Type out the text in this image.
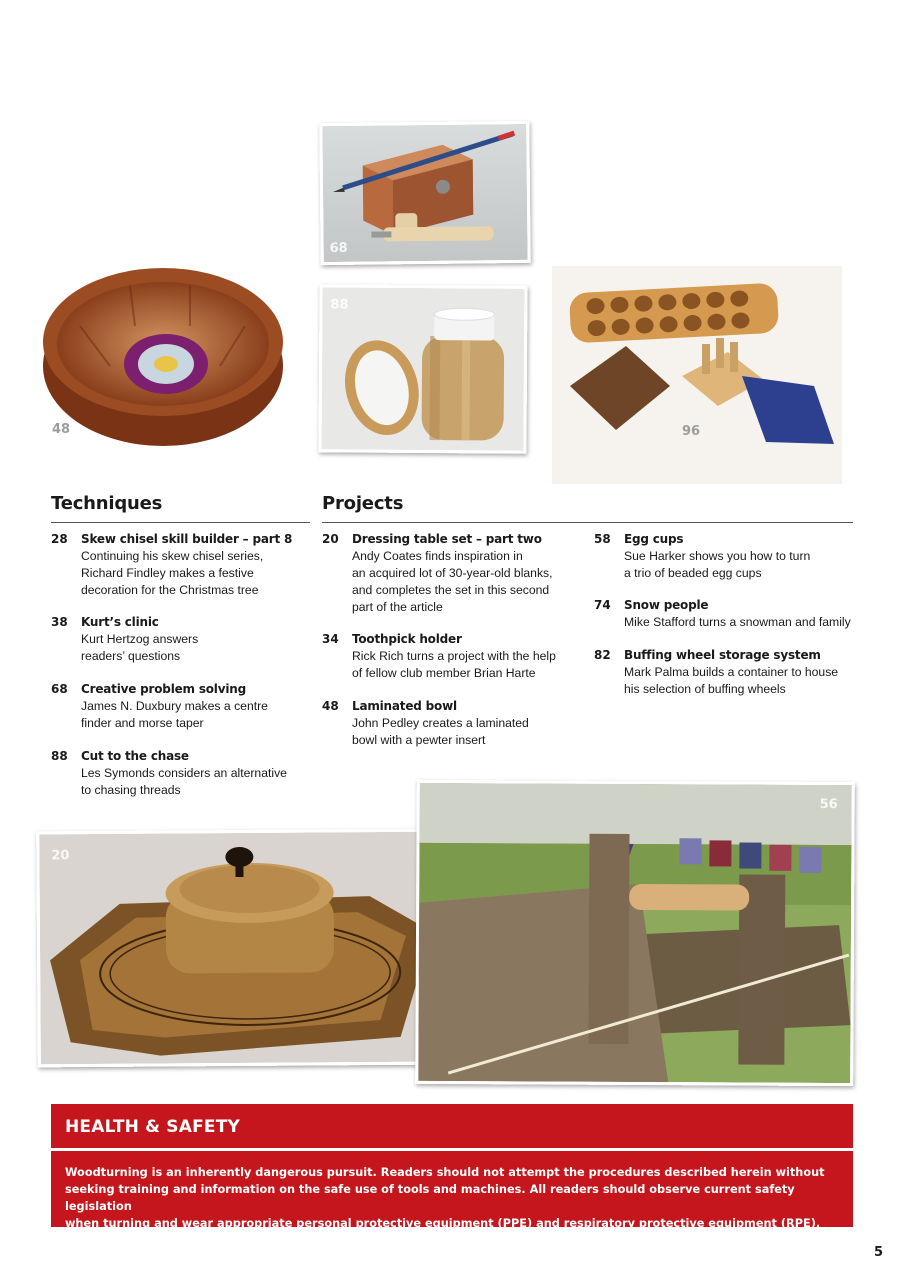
68
88
48	96
20
56
Techniques	Projects
28	Skew chisel skill builder – part 8
Continuing his skew chisel series,
Richard Findley makes a festive
decoration for the Christmas tree
38	Kurt’s clinic
Kurt Hertzog answers
readers’ questions
68	Creative problem solving
James N. Duxbury makes a centre
finder and morse taper
88	Cut to the chase
Les Symonds considers an alternative
to chasing threads
20	Dressing table set – part two
Andy Coates finds inspiration in
an acquired lot of 30-year-old blanks,
and completes the set in this second
part of the article
34	Toothpick holder
Rick Rich turns a project with the help
of fellow club member Brian Harte
48	Laminated bowl
John Pedley creates a laminated
bowl with a pewter insert
58	Egg cups
Sue Harker shows you how to turn
a trio of beaded egg cups
74	Snow people
Mike Stafford turns a snowman and family
82	Buffing wheel storage system
Mark Palma builds a container to house
his selection of buffing wheels
HEALTH & SAFETY
Woodturning is an inherently dangerous pursuit. Readers should not attempt the procedures described herein without
seeking training and information on the safe use of tools and machines. All readers should observe current safety legislation
when turning and wear appropriate personal protective equipment (PPE) and respiratory protective equipment (RPE).
5
